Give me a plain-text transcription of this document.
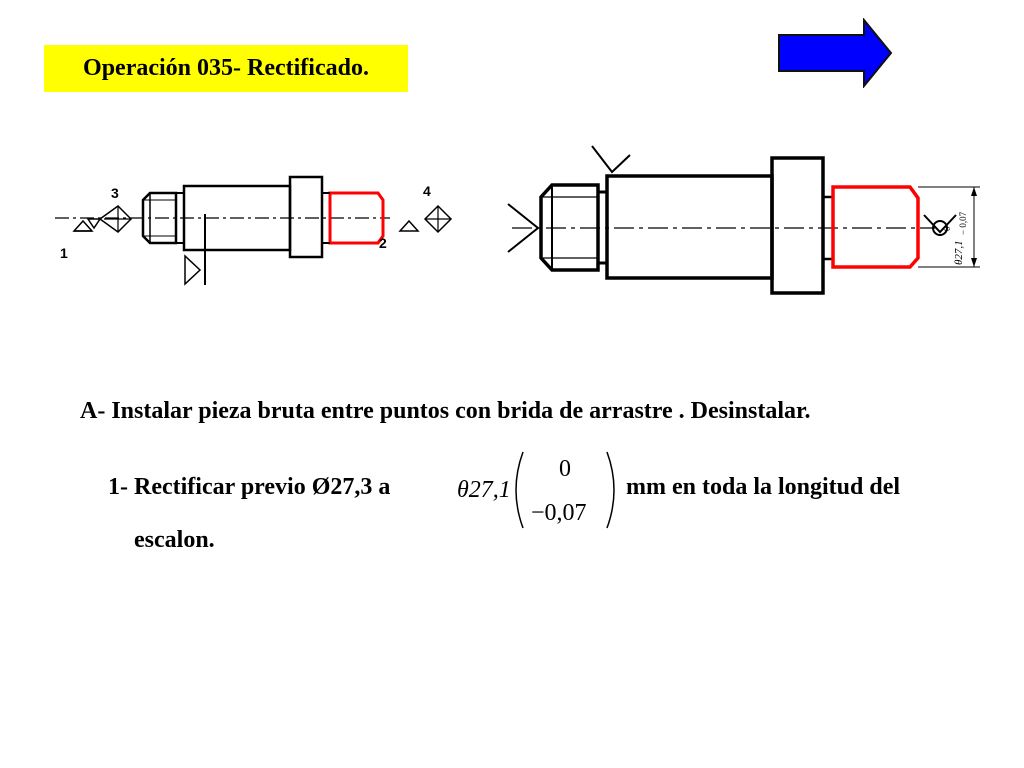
Operación 035- Rectificado.
3	4
1
2	θ27,1
0 − 0,07
A- Instalar pieza bruta entre puntos con brida de arrastre . Desinstalar.
1- Rectificar previo Ø27,3 a	θ27,1
0
−0,07
mm en toda la longitud del
escalon.
